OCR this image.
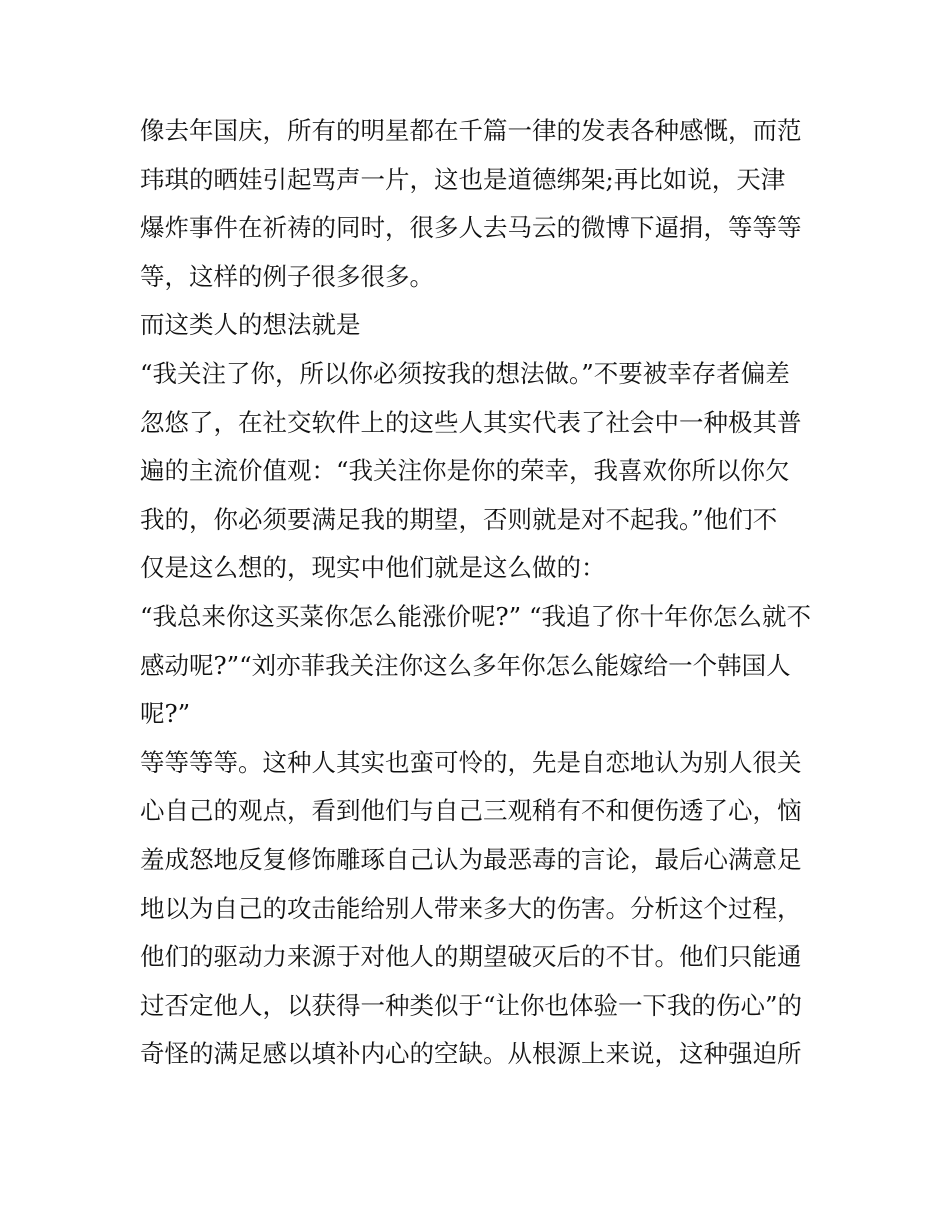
像去年国庆，所有的明星都在千篇一律的发表各种感慨，而范
玮琪的晒娃引起骂声一片，这也是道德绑架;再比如说，天津
爆炸事件在祈祷的同时，很多人去马云的微博下逼捐，等等等
等，这样的例子很多很多。
而这类人的想法就是
“我关注了你，所以你必须按我的想法做。”不要被幸存者偏差
忽悠了，在社交软件上的这些人其实代表了社会中一种极其普
遍的主流价值观：“我关注你是你的荣幸，我喜欢你所以你欠
我的，你必须要满足我的期望，否则就是对不起我。”他们不
仅是这么想的，现实中他们就是这么做的：
“我总来你这买菜你怎么能涨价呢?” “我追了你十年你怎么就不
感动呢?”“刘亦菲我关注你这么多年你怎么能嫁给一个韩国人
呢?”
等等等等。这种人其实也蛮可怜的，先是自恋地认为别人很关
心自己的观点，看到他们与自己三观稍有不和便伤透了心，恼
羞成怒地反复修饰雕琢自己认为最恶毒的言论，最后心满意足
地以为自己的攻击能给别人带来多大的伤害。分析这个过程，
他们的驱动力来源于对他人的期望破灭后的不甘。他们只能通
过否定他人，以获得一种类似于“让你也体验一下我的伤心”的
奇怪的满足感以填补内心的空缺。从根源上来说，这种强迫所
